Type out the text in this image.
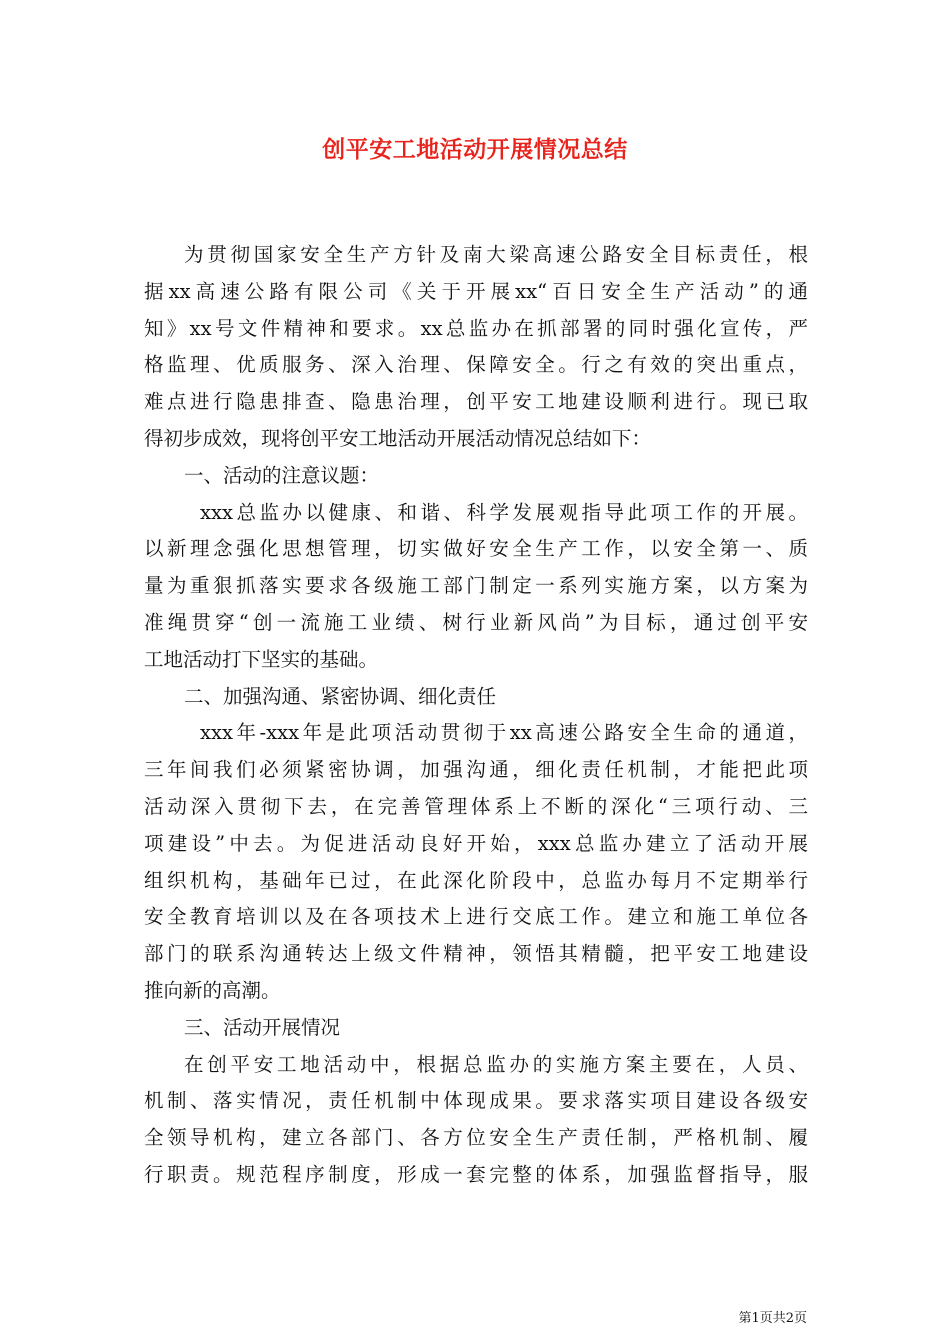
创平安工地活动开展情况总结
为贯彻国家安全生产方针及南大梁高速公路安全目标责任，根
据xx高速公路有限公司《关于开展xx“百日安全生产活动”的通
知》xx号文件精神和要求。xx总监办在抓部署的同时强化宣传，严
格监理、优质服务、深入治理、保障安全。行之有效的突出重点，
难点进行隐患排查、隐患治理，创平安工地建设顺利进行。现已取
得初步成效，现将创平安工地活动开展活动情况总结如下：
一、活动的注意议题：
xxx总监办以健康、和谐、科学发展观指导此项工作的开展。
以新理念强化思想管理，切实做好安全生产工作，以安全第一、质
量为重狠抓落实要求各级施工部门制定一系列实施方案，以方案为
准绳贯穿“创一流施工业绩、树行业新风尚”为目标，通过创平安
工地活动打下坚实的基础。
二、加强沟通、紧密协调、细化责任
xxx年-xxx年是此项活动贯彻于xx高速公路安全生命的通道，
三年间我们必须紧密协调，加强沟通，细化责任机制，才能把此项
活动深入贯彻下去，在完善管理体系上不断的深化“三项行动、三
项建设”中去。为促进活动良好开始，xxx总监办建立了活动开展
组织机构，基础年已过，在此深化阶段中，总监办每月不定期举行
安全教育培训以及在各项技术上进行交底工作。建立和施工单位各
部门的联系沟通转达上级文件精神，领悟其精髓，把平安工地建设
推向新的高潮。
三、活动开展情况
在创平安工地活动中，根据总监办的实施方案主要在，人员、
机制、落实情况，责任机制中体现成果。要求落实项目建设各级安
全领导机构，建立各部门、各方位安全生产责任制，严格机制、履
行职责。规范程序制度，形成一套完整的体系，加强监督指导，服
第1页共2页
